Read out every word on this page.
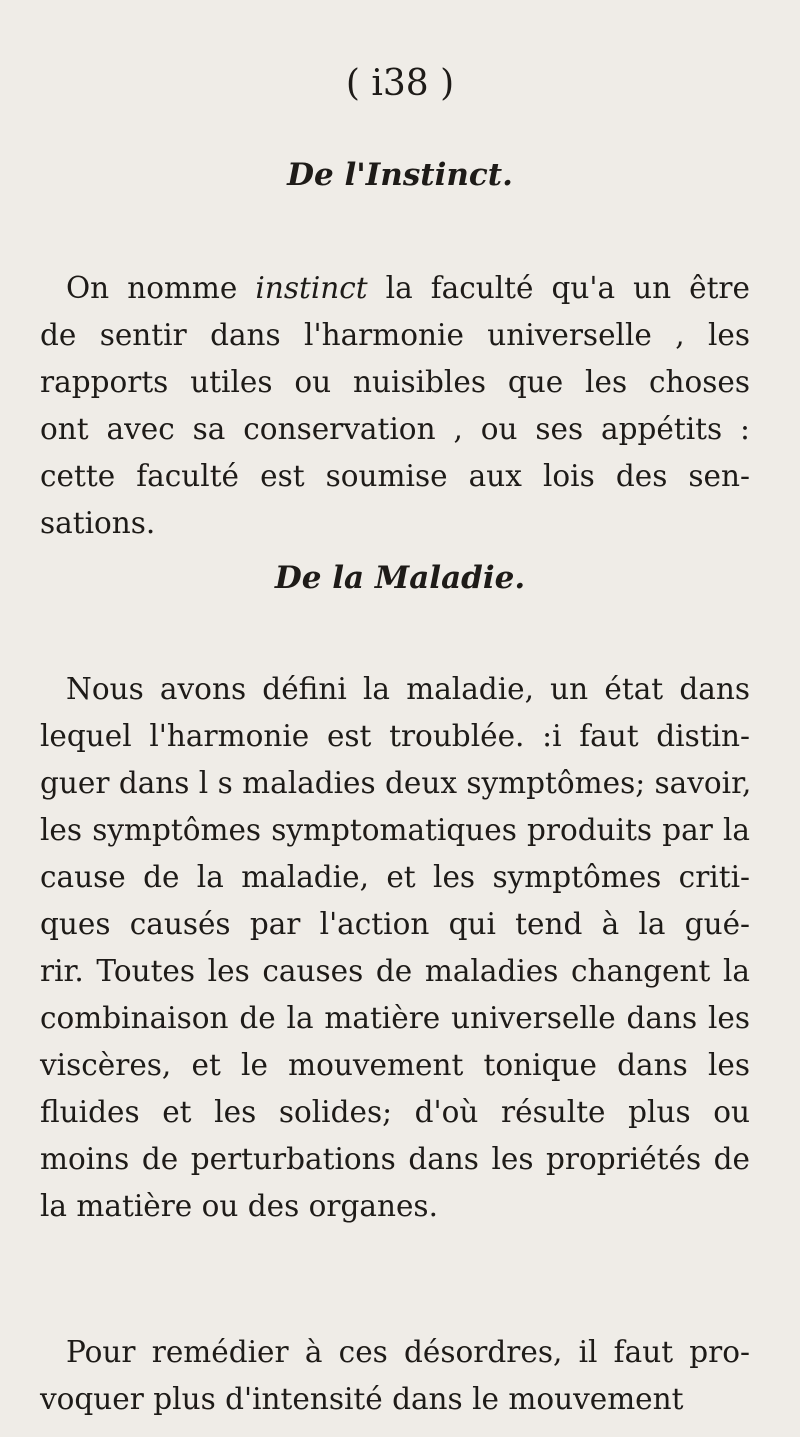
( i38 )
De l'Instinct.
On nomme instinct la faculté qu'a un être
de sentir dans l'harmonie universelle , les
rapports utiles ou nuisibles que les choses
ont avec sa conservation , ou ses appétits :
cette faculté est soumise aux lois des sen-
sations.
De la Maladie.
Nous avons défini la maladie, un état dans
lequel l'harmonie est troublée. :i faut distin-
guer dans l s maladies deux symptômes; savoir,
les symptômes symptomatiques produits par la
cause de la maladie, et les symptômes criti-
ques causés par l'action qui tend à la gué-
rir. Toutes les causes de maladies changent la
combinaison de la matière universelle dans les
viscères, et le mouvement tonique dans les
fluides et les solides; d'où résulte plus ou
moins de perturbations dans les propriétés de
la matière ou des organes.
Pour remédier à ces désordres, il faut pro-
voquer plus d'intensité dans le mouvement
